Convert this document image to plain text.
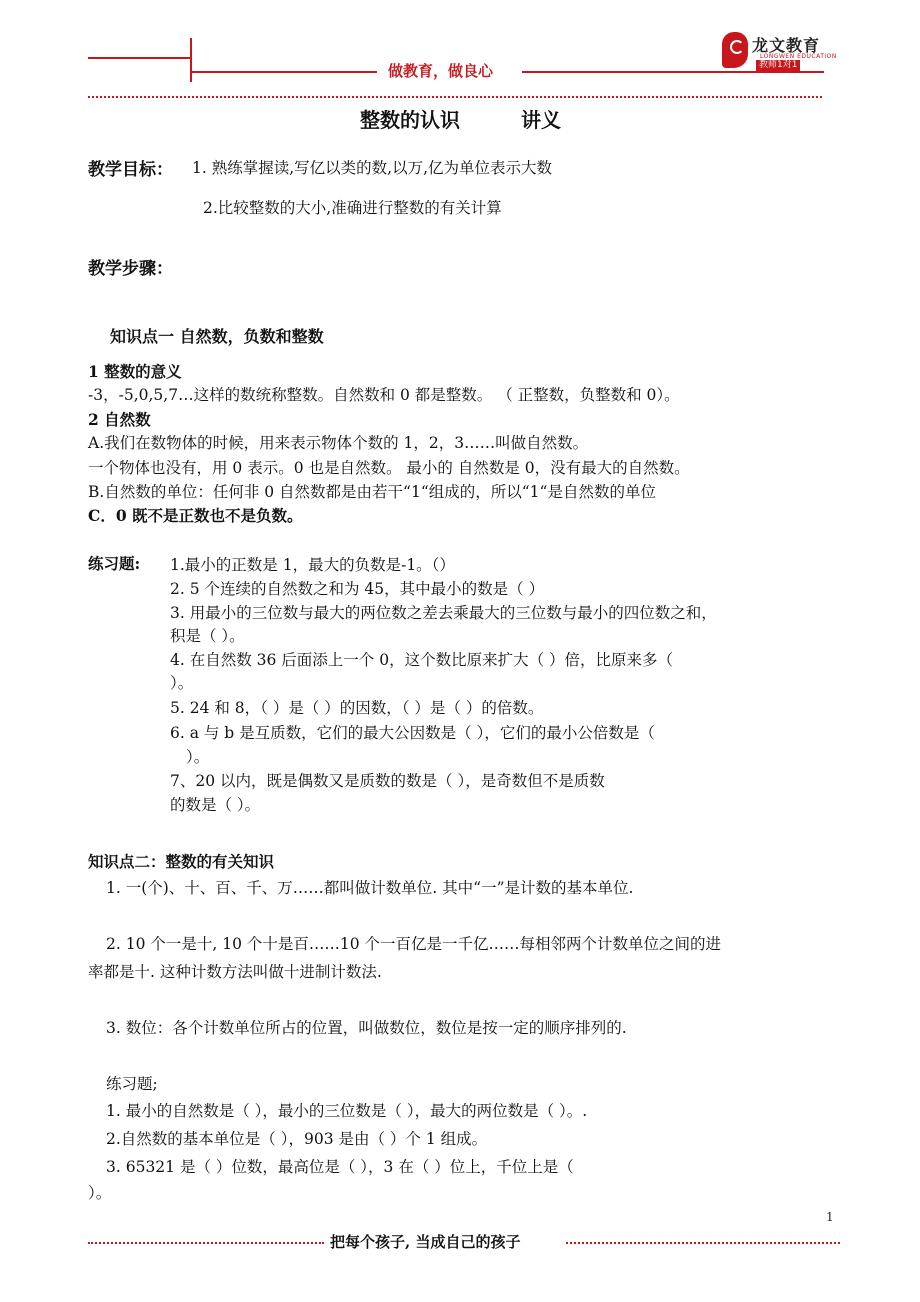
做教育，做良心
龙文教育
LONGWEN EDUCATION
教师1对1
整数的认识	讲义
教学目标： 1. 熟练掌握读,写亿以类的数,以万,亿为单位表示大数
2.比较整数的大小,准确进行整数的有关计算
教学步骤：
知识点一 自然数，负数和整数
1 整数的意义
-3，-5,0,5,7…这样的数统称整数。自然数和 0 都是整数。 （ 正整数，负整数和 0）。
2 自然数
A.我们在数物体的时候，用来表示物体个数的 1，2，3……叫做自然数。
一个物体也没有，用 0 表示。0 也是自然数。 最小的 自然数是 0，没有最大的自然数。
B.自然数的单位：任何非 0 自然数都是由若干“1“组成的，所以“1“是自然数的单位
C．0 既不是正数也不是负数。
练习题: 1.最小的正数是 1，最大的负数是-1。（）
2. 5 个连续的自然数之和为 45，其中最小的数是（ ）
3. 用最小的三位数与最大的两位数之差去乘最大的三位数与最小的四位数之和，
积是（ ）。
4. 在自然数 36 后面添上一个 0，这个数比原来扩大（ ）倍，比原来多（
）。
5. 24 和 8，（ ）是（ ）的因数，（ ）是（ ）的倍数。
6. a 与 b 是互质数，它们的最大公因数是（ ），它们的最小公倍数是（
）。
7、20 以内，既是偶数又是质数的数是（ ），是奇数但不是质数
的数是（ ）。
知识点二：整数的有关知识
1. 一(个)、十、百、千、万……都叫做计数单位. 其中“一”是计数的基本单位.
2. 10 个一是十, 10 个十是百……10 个一百亿是一千亿……每相邻两个计数单位之间的进
率都是十. 这种计数方法叫做十进制计数法.
3. 数位：各个计数单位所占的位置，叫做数位，数位是按一定的顺序排列的.
练习题;
1. 最小的自然数是（ ），最小的三位数是（ ），最大的两位数是（ ）。.
2.自然数的基本单位是（ ），903 是由（ ）个 1 组成。
3. 65321 是（ ）位数，最高位是（ ），3 在（ ）位上，千位上是（
）。
1
把每个孩子, 当成自己的孩子
